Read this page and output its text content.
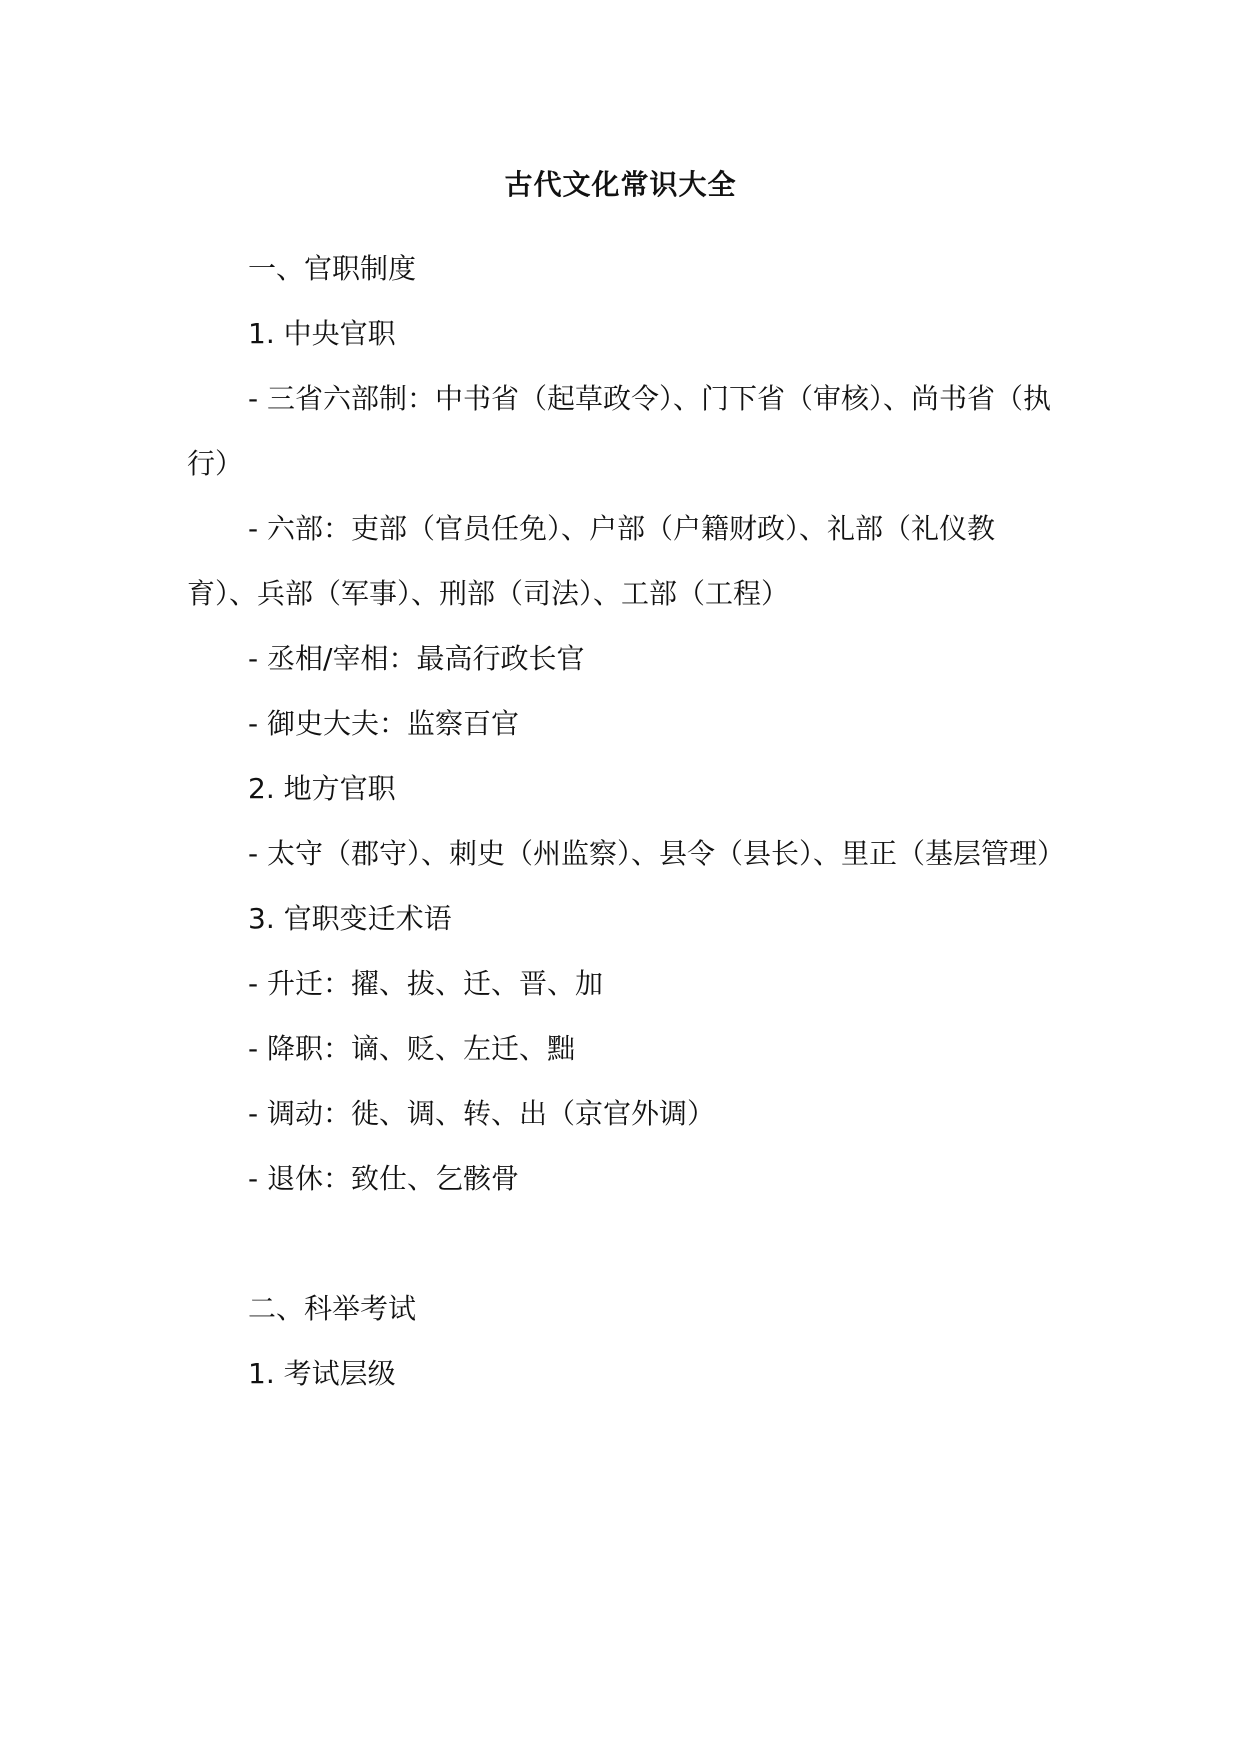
古代文化常识大全

一、官职制度

1. 中央官职

- 三省六部制：中书省（起草政令）、门下省（审核）、尚书省（执行）

- 六部：吏部（官员任免）、户部（户籍财政）、礼部（礼仪教育）、兵部（军事）、刑部（司法）、工部（工程）

- 丞相/宰相：最高行政长官

- 御史大夫：监察百官

2. 地方官职

- 太守（郡守）、刺史（州监察）、县令（县长）、里正（基层管理）

3. 官职变迁术语

- 升迁：擢、拔、迁、晋、加

- 降职：谪、贬、左迁、黜

- 调动：徙、调、转、出（京官外调）

- 退休：致仕、乞骸骨

二、科举考试

1. 考试层级
